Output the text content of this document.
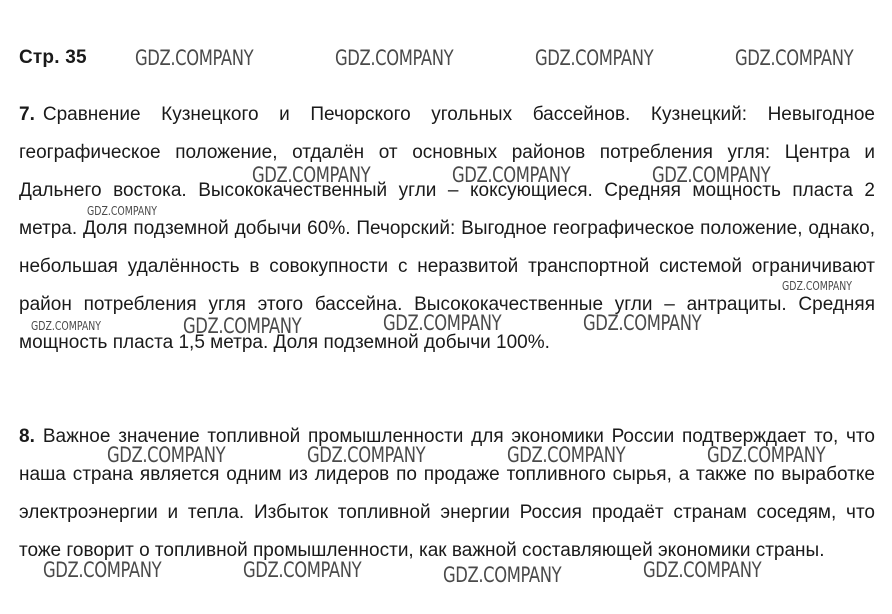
Стр. 35

7. Сравнение Кузнецкого и Печорского угольных бассейнов. Кузнецкий: Невыгодное географическое положение, отдалён от основных районов потребления угля: Центра и Дальнего востока. Высококачественный угли – коксующиеся. Средняя мощность пласта 2 метра. Доля подземной добычи 60%. Печорский: Выгодное географическое положение, однако, небольшая удалённость в совокупности с неразвитой транспортной системой ограничивают район потребления угля этого бассейна. Высококачественные угли – антрациты. Средняя мощность пласта 1,5 метра. Доля подземной добычи 100%.

8. Важное значение топливной промышленности для экономики России подтверждает то, что наша страна является одним из лидеров по продаже топливного сырья, а также по выработке электроэнергии и тепла. Избыток топливной энергии Россия продаёт странам соседям, что тоже говорит о топливной промышленности, как важной составляющей экономики страны.

GDZ.COMPANY	GDZ.COMPANY	GDZ.COMPANY	GDZ.COMPANY
GDZ.COMPANY	GDZ.COMPANY	GDZ.COMPANY
GDZ.COMPANY
GDZ.COMPANY
GDZ.COMPANY	GDZ.COMPANY	GDZ.COMPANY
GDZ.COMPANY
GDZ.COMPANY	GDZ.COMPANY	GDZ.COMPANY	GDZ.COMPANY
GDZ.COMPANY	GDZ.COMPANY	GDZ.COMPANY	GDZ.COMPANY
